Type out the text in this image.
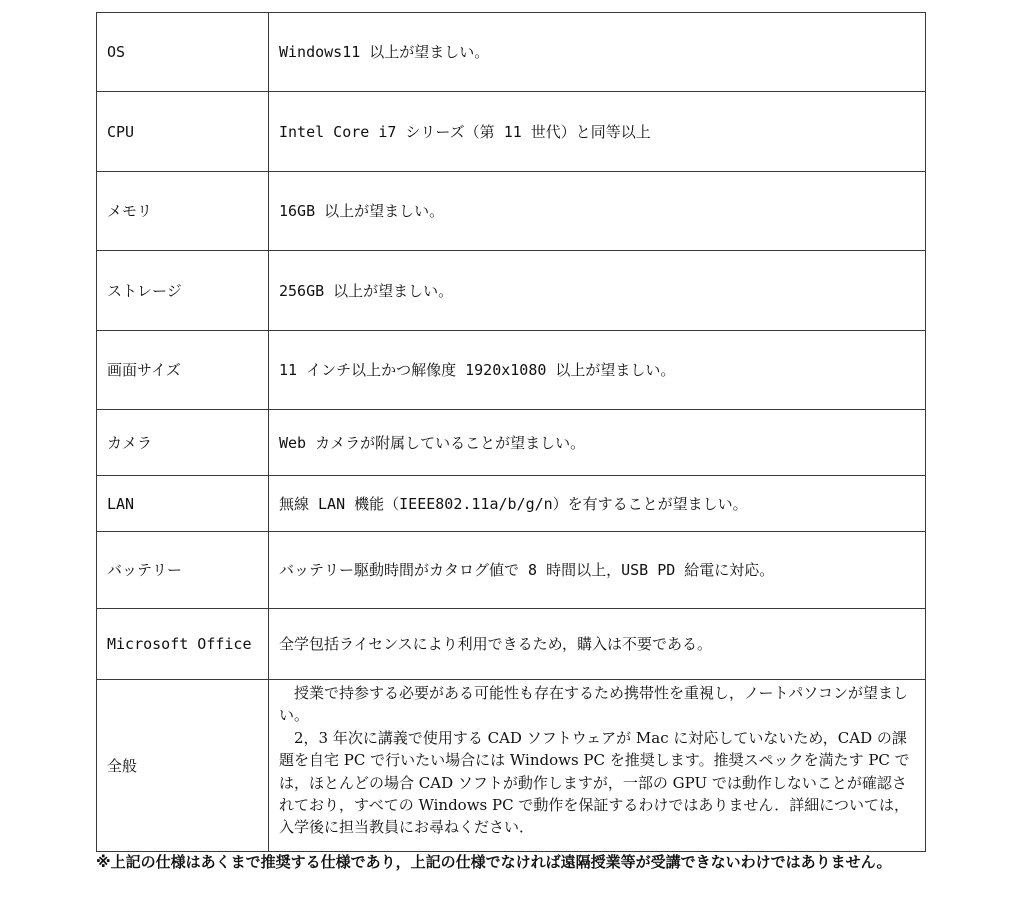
OS	Windows11 以上が望ましい。
CPU	Intel Core i7 シリーズ（第 11 世代）と同等以上
メモリ	16GB 以上が望ましい。
ストレージ	256GB 以上が望ましい。
画面サイズ	11 インチ以上かつ解像度 1920x1080 以上が望ましい。
カメラ	Web カメラが附属していることが望ましい。
LAN	無線 LAN 機能（IEEE802.11a/b/g/n）を有することが望ましい。
バッテリー	バッテリー駆動時間がカタログ値で 8 時間以上，USB PD 給電に対応。
Microsoft Office	全学包括ライセンスにより利用できるため，購入は不要である。
全般	授業で持参する必要がある可能性も存在するため携帯性を重視し，ノートパソコンが望ましい。

2，3 年次に講義で使用する CAD ソフトウェアが Mac に対応していないため，CAD の課題を自宅 PC で行いたい場合には Windows PC を推奨します。推奨スペックを満たす PC では，ほとんどの場合 CAD ソフトが動作しますが，一部の GPU では動作しないことが確認されており，すべての Windows PC で動作を保証するわけではありません．詳細については，入学後に担当教員にお尋ねください．

※上記の仕様はあくまで推奨する仕様であり，上記の仕様でなければ遠隔授業等が受講できないわけではありません。
